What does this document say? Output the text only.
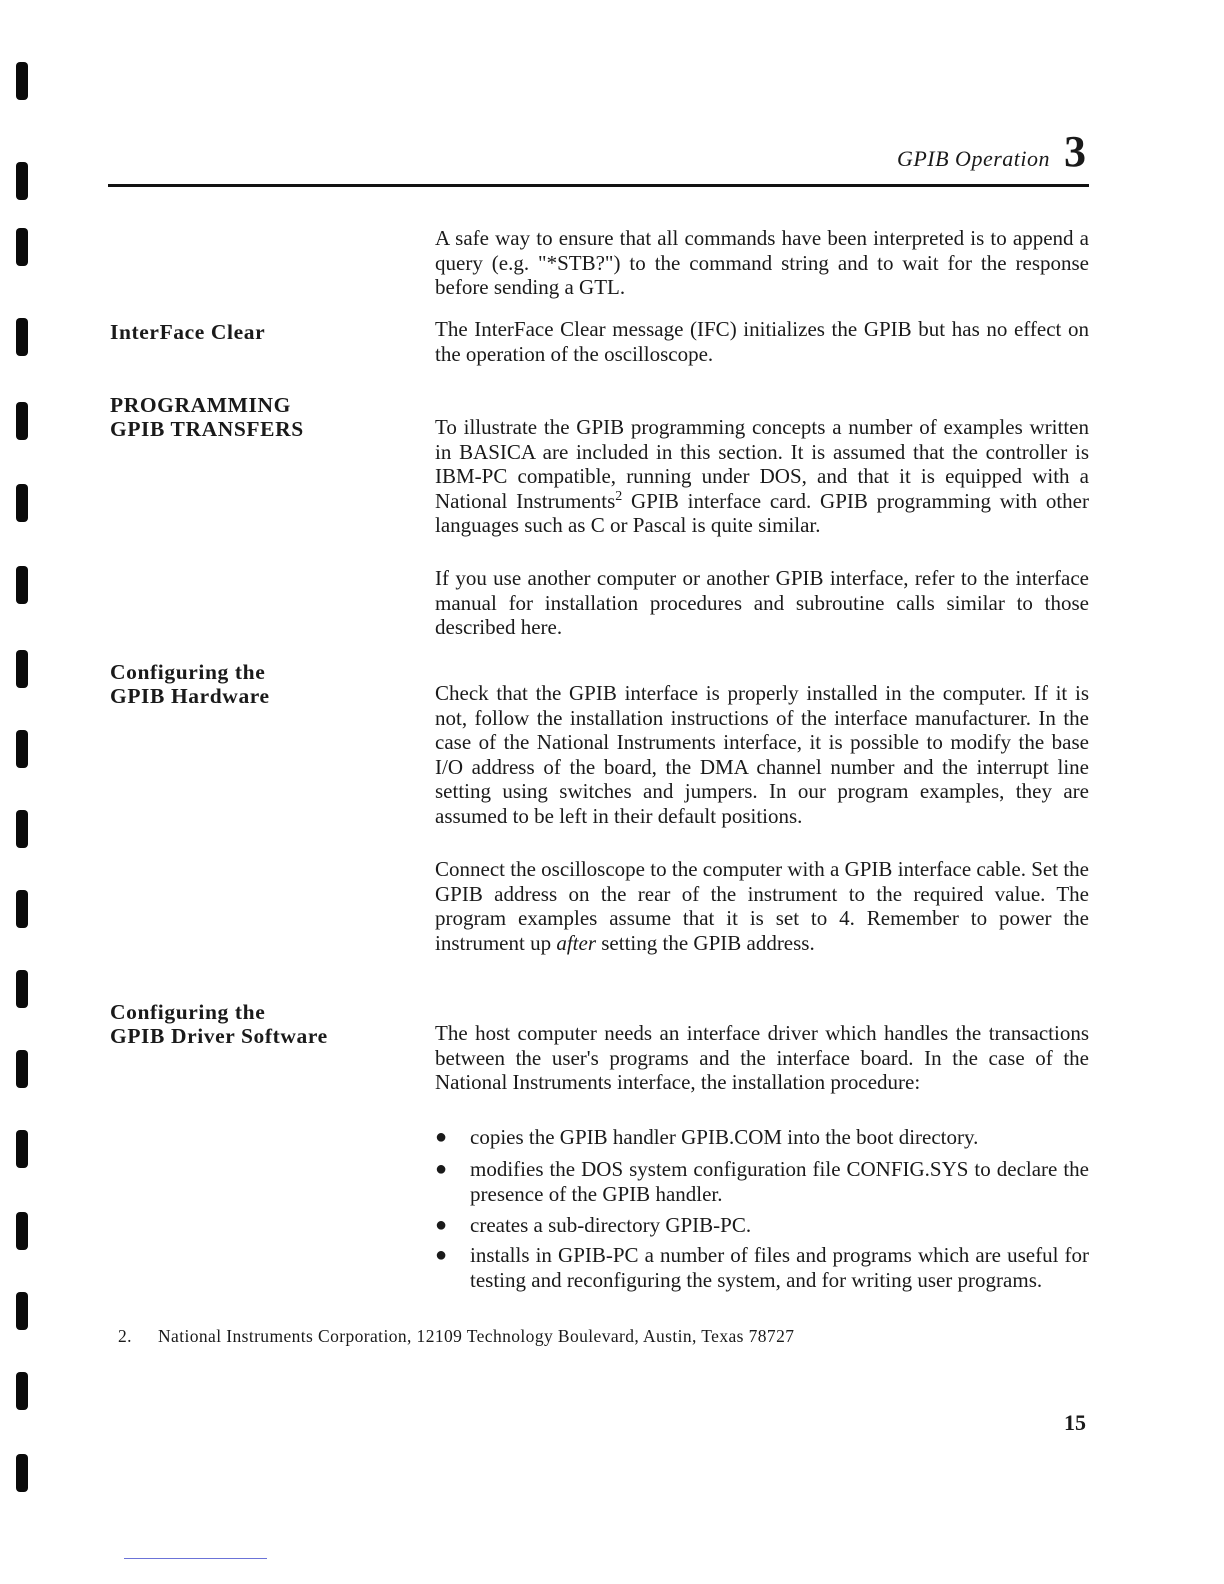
GPIB Operation 3
InterFace Clear
PROGRAMMING
GPIB TRANSFERS
Configuring the
GPIB Hardware
Configuring the
GPIB Driver Software

A safe way to ensure that all commands have been interpreted is to append a query (e.g. "*STB?") to the command string and to wait for the response before sending a GTL.

The InterFace Clear message (IFC) initializes the GPIB but has no effect on the operation of the oscilloscope.

To illustrate the GPIB programming concepts a number of examples written in BASICA are included in this section. It is assumed that the controller is IBM-PC compatible, running under DOS, and that it is equipped with a National Instruments$^2$ GPIB interface card. GPIB programming with other languages such as C or Pascal is quite similar.

If you use another computer or another GPIB interface, refer to the interface manual for installation procedures and subroutine calls similar to those described here.

Check that the GPIB interface is properly installed in the computer. If it is not, follow the installation instructions of the interface manufacturer. In the case of the National Instruments interface, it is possible to modify the base I/O address of the board, the DMA channel number and the interrupt line setting using switches and jumpers. In our program examples, they are assumed to be left in their default positions.

Connect the oscilloscope to the computer with a GPIB interface cable. Set the GPIB address on the rear of the instrument to the required value. The program examples assume that it is set to 4. Remember to power the instrument up after setting the GPIB address.

The host computer needs an interface driver which handles the transactions between the user's programs and the interface board. In the case of the National Instruments interface, the installation procedure:

● copies the GPIB handler GPIB.COM into the boot directory.
● modifies the DOS system configuration file CONFIG.SYS to declare the presence of the GPIB handler.
● creates a sub-directory GPIB-PC.
● installs in GPIB-PC a number of files and programs which are useful for testing and reconfiguring the system, and for writing user programs.
2. National Instruments Corporation, 12109 Technology Boulevard, Austin, Texas 78727
15
